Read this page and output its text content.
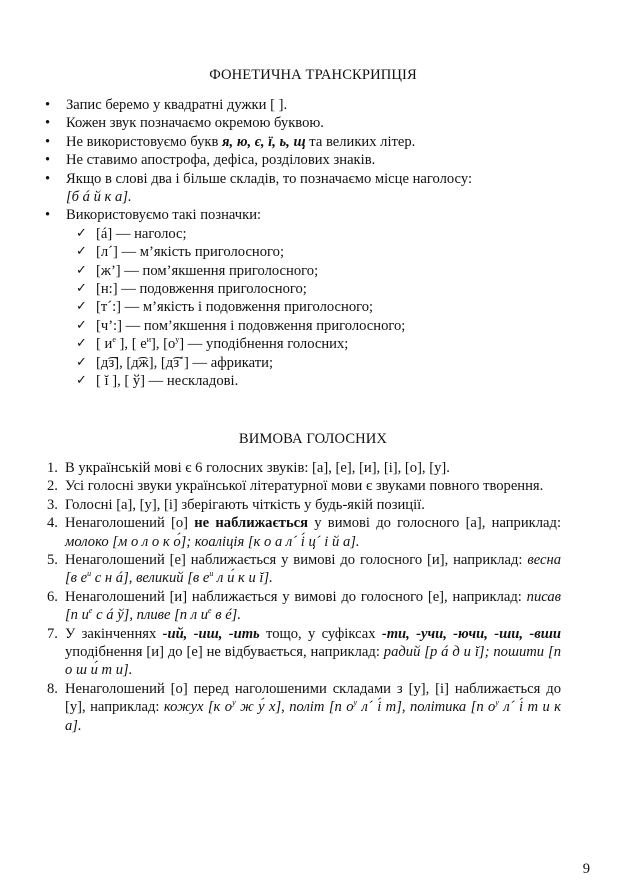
ФОНЕТИЧНА ТРАНСКРИПЦІЯ
• Запис беремо у квадратні дужки [ ].
• Кожен звук позначаємо окремою буквою.
• Не використовуємо букв я, ю, є, ї, ь, щ та великих літер.
• Не ставимо апострофа, дефіса, розділових знаків.
• Якщо в слові два і більше складів, то позначаємо місце наголосу:
[б á й к а].
• Використовуємо такі позначки:
✓ [á] — наголос;
✓ [л´] — м’якість приголосного;
✓ [ж’] — пом’якшення приголосного;
✓ [н:] — подовження приголосного;
✓ [т´:] — м’якість і подовження приголосного;
✓ [ч’:] — пом’якшення і подовження приголосного;
✓ [ $и^е$ ], [ $е^и$], $[о^у]$ — уподібнення голосних;
✓ [д͡з], [д͡ж], [д͡з´] — африкати;
✓ [ ĭ ], [ ў] — нескладові.
ВИМОВА ГОЛОСНИХ
1. В українській мові є 6 голосних звуків: [а], [е], [и], [і], [о], [у].
2. Усі голосні звуки української літературної мови є звуками повного творення.
3. Голосні [а], [у], [і] зберігають чіткість у будь-якій позиції.
4. Ненаголошений [о] не наближається у вимові до голосного [а], наприклад: молоко [м о л о к о́]; коаліція [к о а л´ і́ ц´ і й а].
5. Ненаголошений [е] наближається у вимові до голосного [и], наприклад: весна [в $е^и$ с н á], великий [в $е^и$ л и́ к и ĭ].
6. Ненаголошений [и] наближається у вимові до голосного [е], наприклад: писав [п $и^е$ с á ў], пливе [п л $и^е$ в é].
7. У закінченнях -ий, -иш, -ить тощо, у суфіксах -ти, -учи, -ючи, -ши, -вши уподібнення [и] до [е] не відбувається, наприклад: радий [р á д и ĭ]; пошити [п о ш и́ т и].
8. Ненаголошений [о] перед наголошеними складами з [у], [і] наближається до [у], наприклад: кожух [к $о^у$ ж у́ х], політ [п $о^у$ л´ і́ т], політика [п $о^у$ л´ і́ т и к а].
9
